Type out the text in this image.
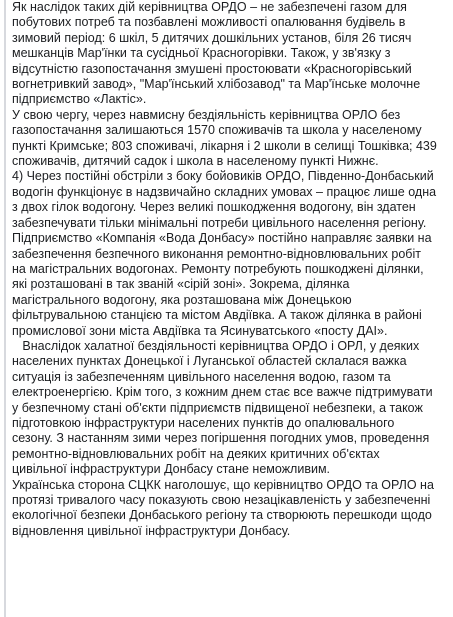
Як наслідок таких дій керівництва ОРДО – не забезпечені газом для
побутових потреб та позбавлені можливості опалювання будівель в
зимовий період: 6 шкіл, 5 дитячих дошкільних установ, біля 26 тисяч
мешканців Мар'їнки та сусідньої Красногорівки. Також, у зв'язку з
відсутністю газопостачання змушені простоювати «Красногорівський
вогнетривкий завод», "Мар'їнський хлібозавод" та Мар'їнське молочне
підприємство «Лактіс».
У свою чергу, через навмисну бездіяльність керівництва ОРЛО без
газопостачання залишаються 1570 споживачів та школа у населеному
пункті Кримське; 803 споживачі, лікарня і 2 школи в селищі Тошківка; 439
споживачів, дитячий садок і школа в населеному пункті Нижнє.
4) Через постійні обстріли з боку бойовиків ОРДО, Південно-Донбаський
водогін функціонує в надзвичайно складних умовах – працює лише одна
з двох гілок водогону. Через великі пошкодження водогону, він здатен
забезпечувати тільки мінімальні потреби цивільного населення регіону.
Підприємство «Компанія «Вода Донбасу» постійно направляє заявки на
забезпечення безпечного виконання ремонтно-відновлювальних робіт
на магістральних водогонах. Ремонту потребують пошкоджені ділянки,
які розташовані в так званій «сірій зоні». Зокрема, ділянка
магістрального водогону, яка розташована між Донецькою
фільтрувальною станцією та містом Авдіївка. А також ділянка в районі
промислової зони міста Авдіївка та Ясинуватського «посту ДАІ».
Внаслідок халатної бездіяльності керівництва ОРДО і ОРЛ, у деяких
населених пунктах Донецької і Луганської областей склалася важка
ситуація із забезпеченням цивільного населення водою, газом та
електроенергією. Крім того, з кожним днем стає все важче підтримувати
у безпечному стані об'єкти підприємств підвищеної небезпеки, а також
підготовкою інфраструктури населених пунктів до опалювального
сезону. З настанням зими через погіршення погодних умов, проведення
ремонтно-відновлювальних робіт на деяких критичних об'єктах
цивільної інфраструктури Донбасу стане неможливим.
Українська сторона СЦКК наголошує, що керівництво ОРДО та ОРЛО на
протязі тривалого часу показують свою незацікавленість у забезпеченні
екологічної безпеки Донбаського регіону та створюють перешкоди щодо
відновлення цивільної інфраструктури Донбасу.
